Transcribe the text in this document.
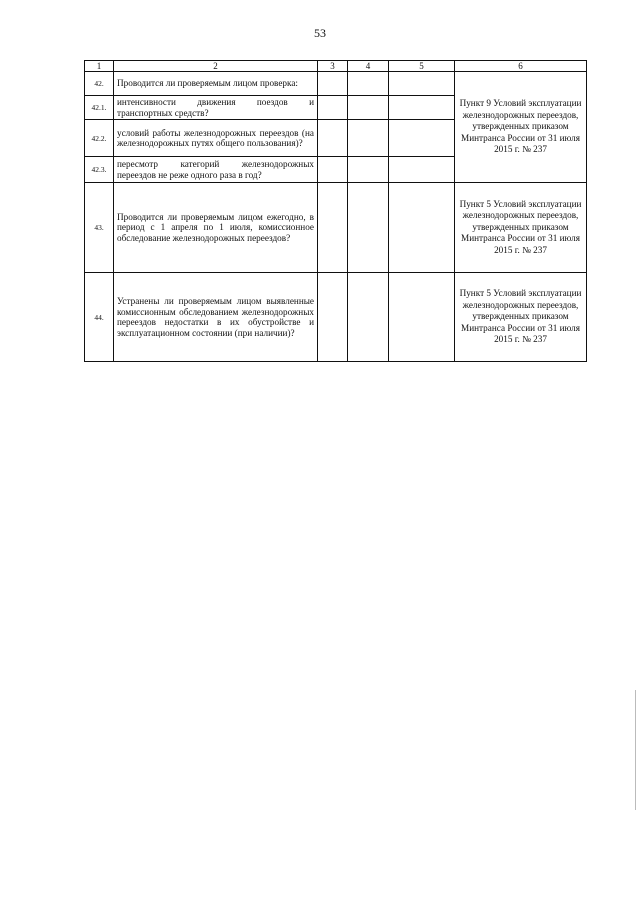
53
1	2	3	4	5	6
42.	Проводится ли проверяемым лицом проверка:				Пункт 9 Условий эксплуатации железнодорожных переездов, утвержденных приказом Минтранса России от 31 июля 2015 г. № 237
42.1.	интенсивности движения поездов и транспортных средств?				
42.2.	условий работы железнодорожных переездов (на железнодорожных путях общего пользования)?				
42.3.	пересмотр категорий железнодорожных переездов не реже одного раза в год?				
43.	Проводится ли проверяемым лицом ежегодно, в период с 1 апреля по 1 июля, комиссионное обследование железнодорожных переездов?				Пункт 5 Условий эксплуатации железнодорожных переездов, утвержденных приказом Минтранса России от 31 июля 2015 г. № 237
44.	Устранены ли проверяемым лицом выявленные комиссионным обследованием железнодорожных переездов недостатки в их обустройстве и эксплуатационном состоянии (при наличии)?				Пункт 5 Условий эксплуатации железнодорожных переездов, утвержденных приказом Минтранса России от 31 июля 2015 г. № 237
